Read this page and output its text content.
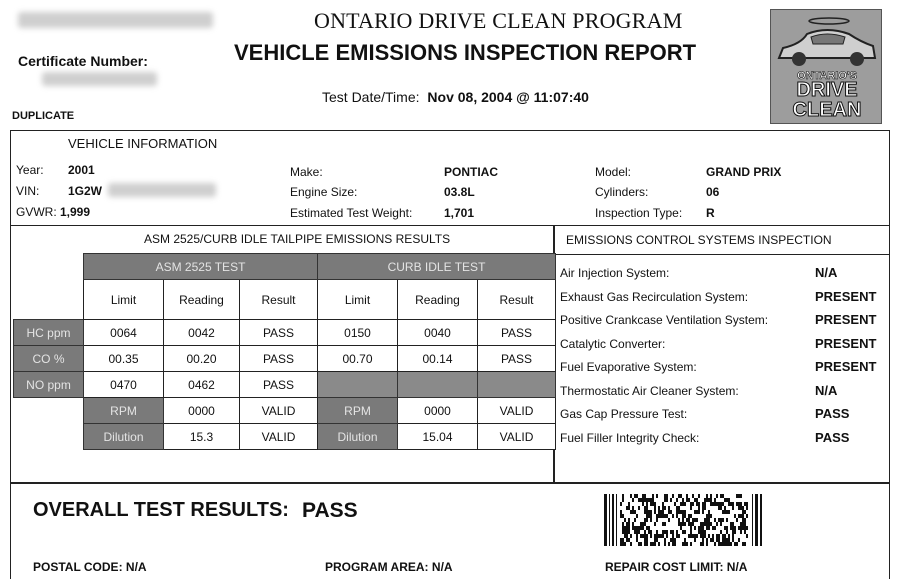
Certificate Number:
DUPLICATE
ONTARIO DRIVE CLEAN PROGRAM
VEHICLE EMISSIONS INSPECTION REPORT
Test Date/Time: Nov 08, 2004 @ 11:07:40
ONTARIO'S
DRIVE
CLEAN
VEHICLE INFORMATION
Year: 2001
VIN: 1G2W
GVWR: 1,999
Make:	PONTIAC
Engine Size:	03.8L
Estimated Test Weight:	1,701
Model:	GRAND PRIX
Cylinders:	06
Inspection Type: R
ASM 2525/CURB IDLE TAILPIPE EMISSIONS RESULTS	EMISSIONS CONTROL SYSTEMS INSPECTION
	ASM 2525 TEST			CURB IDLE TEST		
	Limit	Reading	Result	Limit	Reading	Result
HC ppm	0064	0042	PASS	0150	0040	PASS
CO %	00.35	00.20	PASS	00.70	00.14	PASS
NO ppm	0470	0462	PASS			
	RPM	0000	VALID	RPM	0000	VALID
	Dilution	15.3	VALID	Dilution	15.04	VALID
Air Injection System:	N/A
Exhaust Gas Recirculation System:	PRESENT
Positive Crankcase Ventilation System:	PRESENT
Catalytic Converter:	PRESENT
Fuel Evaporative System:	PRESENT
Thermostatic Air Cleaner System:	N/A
Gas Cap Pressure Test:	PASS
Fuel Filler Integrity Check:	PASS
OVERALL TEST RESULTS: PASS
POSTAL CODE: N/A	PROGRAM AREA: N/A	REPAIR COST LIMIT: N/A
